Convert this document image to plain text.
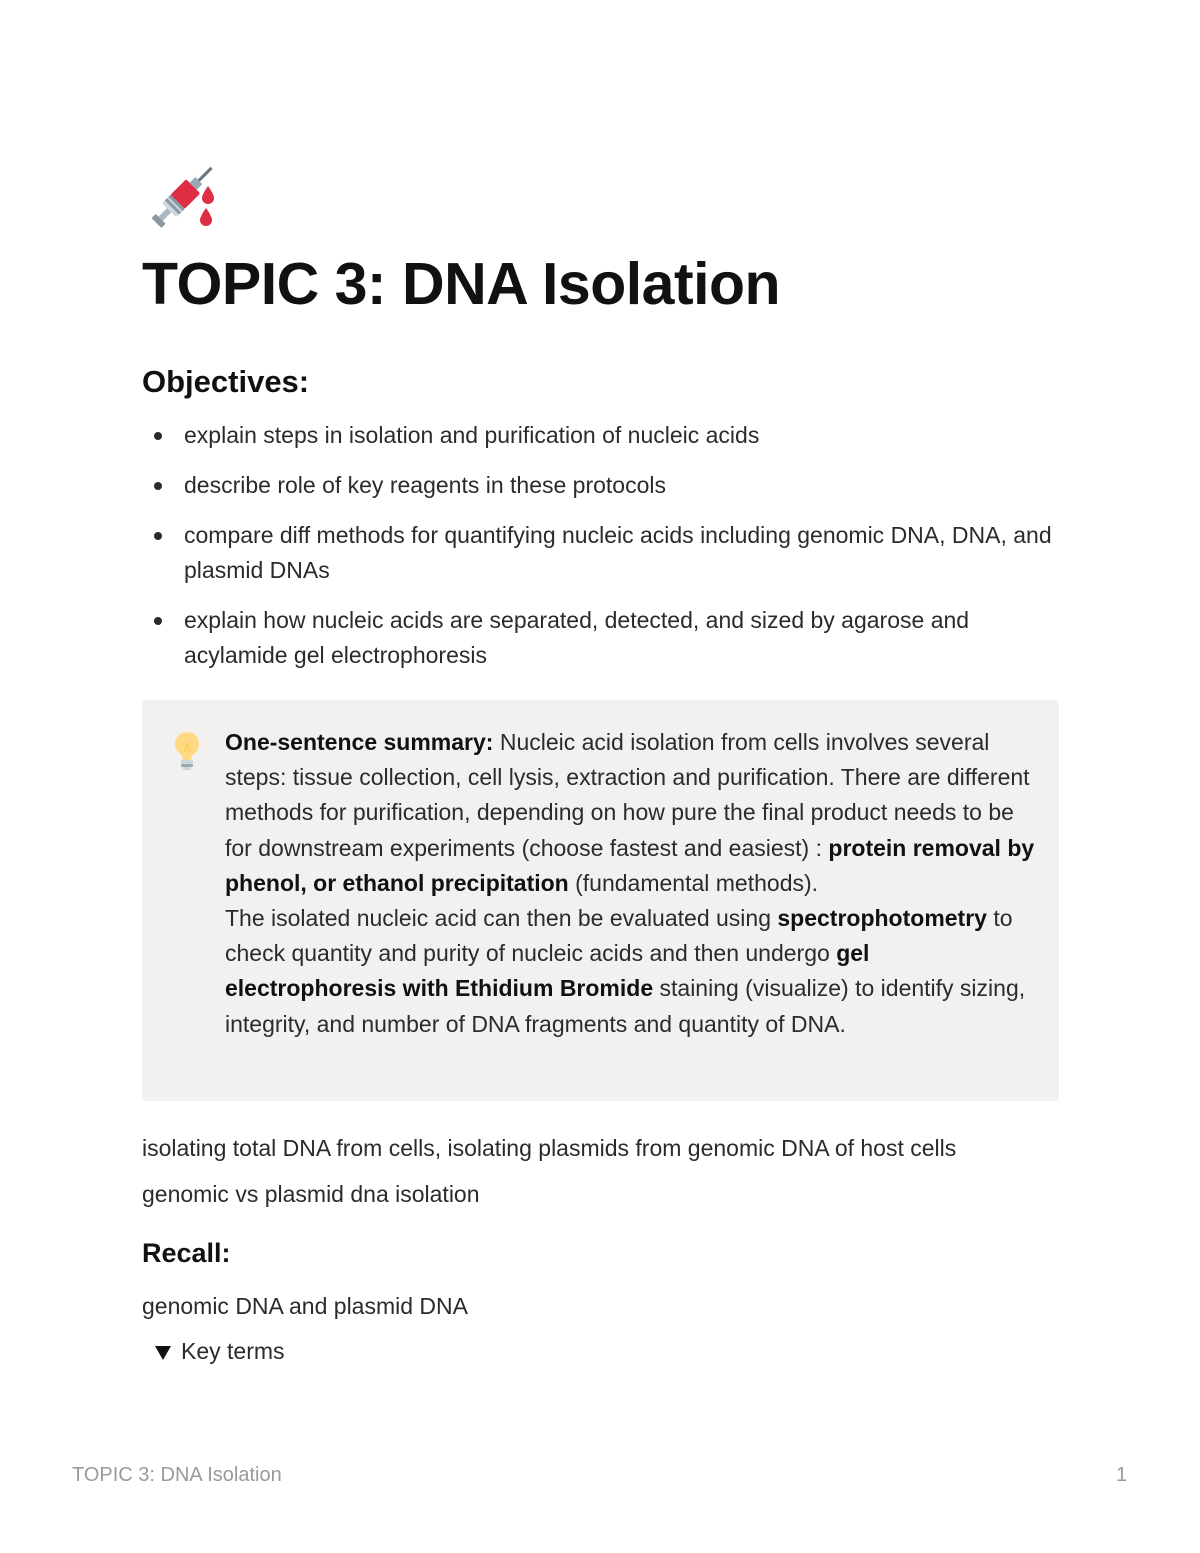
TOPIC 3: DNA Isolation
Objectives:
explain steps in isolation and purification of nucleic acids
describe role of key reagents in these protocols
compare diff methods for quantifying nucleic acids including genomic DNA, DNA, and plasmid DNAs
explain how nucleic acids are separated, detected, and sized by agarose and acylamide gel electrophoresis
One-sentence summary: Nucleic acid isolation from cells involves several steps: tissue collection, cell lysis, extraction and purification. There are different methods for purification, depending on how pure the final product needs to be for downstream experiments (choose fastest and easiest) : protein removal by phenol, or ethanol precipitation (fundamental methods).The isolated nucleic acid can then be evaluated using spectrophotometry to check quantity and purity of nucleic acids and then undergo gel electrophoresis with Ethidium Bromide staining (visualize) to identify sizing, integrity, and number of DNA fragments and quantity of DNA.

isolating total DNA from cells, isolating plasmids from genomic DNA of host cells

genomic vs plasmid dna isolation

Recall:

genomic DNA and plasmid DNA

Key terms
TOPIC 3: DNA Isolation	1
